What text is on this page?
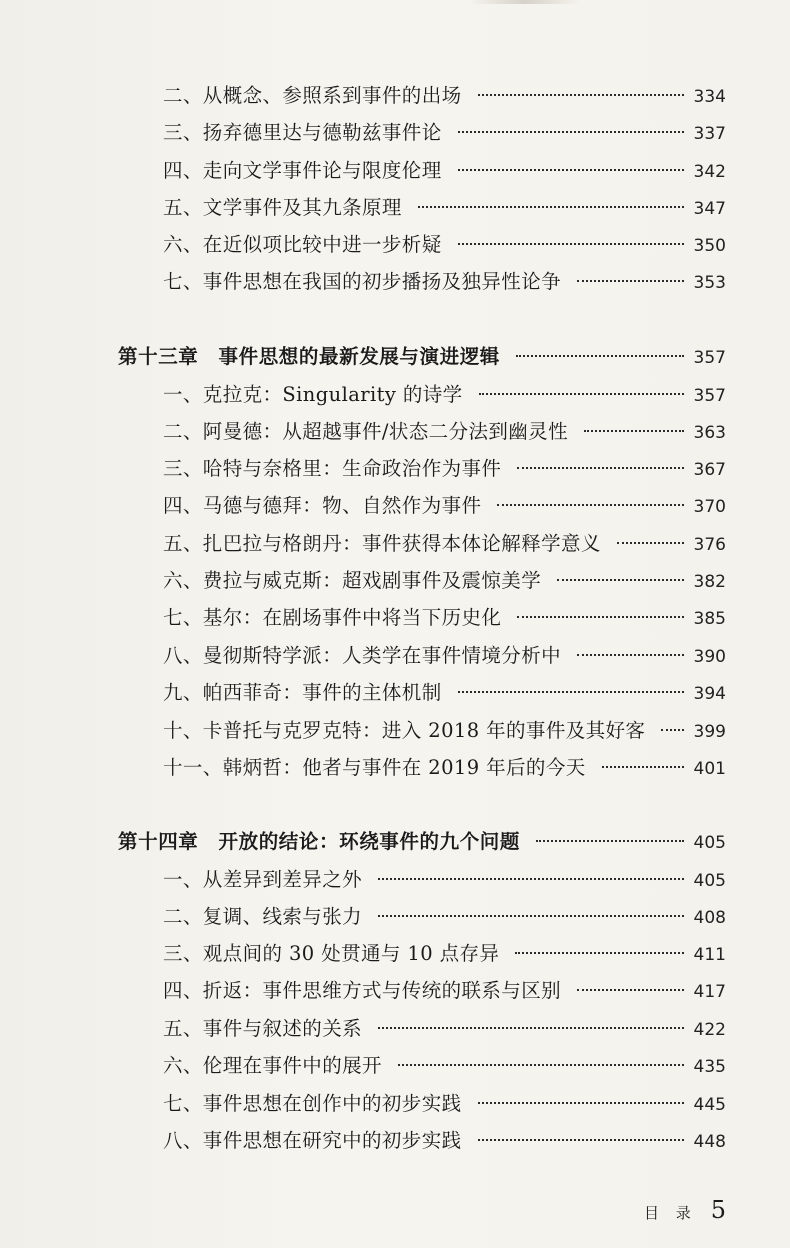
二、从概念、参照系到事件的出场	334
三、扬弃德里达与德勒兹事件论	337
四、走向文学事件论与限度伦理	342
五、文学事件及其九条原理	347
六、在近似项比较中进一步析疑	350
七、事件思想在我国的初步播扬及独异性论争	353
第十三章　事件思想的最新发展与演进逻辑	357
一、克拉克：Singularity 的诗学	357
二、阿曼德：从超越事件/状态二分法到幽灵性	363
三、哈特与奈格里：生命政治作为事件	367
四、马德与德拜：物、自然作为事件	370
五、扎巴拉与格朗丹：事件获得本体论解释学意义	376
六、费拉与威克斯：超戏剧事件及震惊美学	382
七、基尔：在剧场事件中将当下历史化	385
八、曼彻斯特学派：人类学在事件情境分析中	390
九、帕西菲奇：事件的主体机制	394
十、卡普托与克罗克特：进入 2018 年的事件及其好客	399
十一、韩炳哲：他者与事件在 2019 年后的今天	401
第十四章　开放的结论：环绕事件的九个问题	405
一、从差异到差异之外	405
二、复调、线索与张力	408
三、观点间的 30 处贯通与 10 点存异	411
四、折返：事件思维方式与传统的联系与区别	417
五、事件与叙述的关系	422
六、伦理在事件中的展开	435
七、事件思想在创作中的初步实践	445
八、事件思想在研究中的初步实践	448
目 录 5
